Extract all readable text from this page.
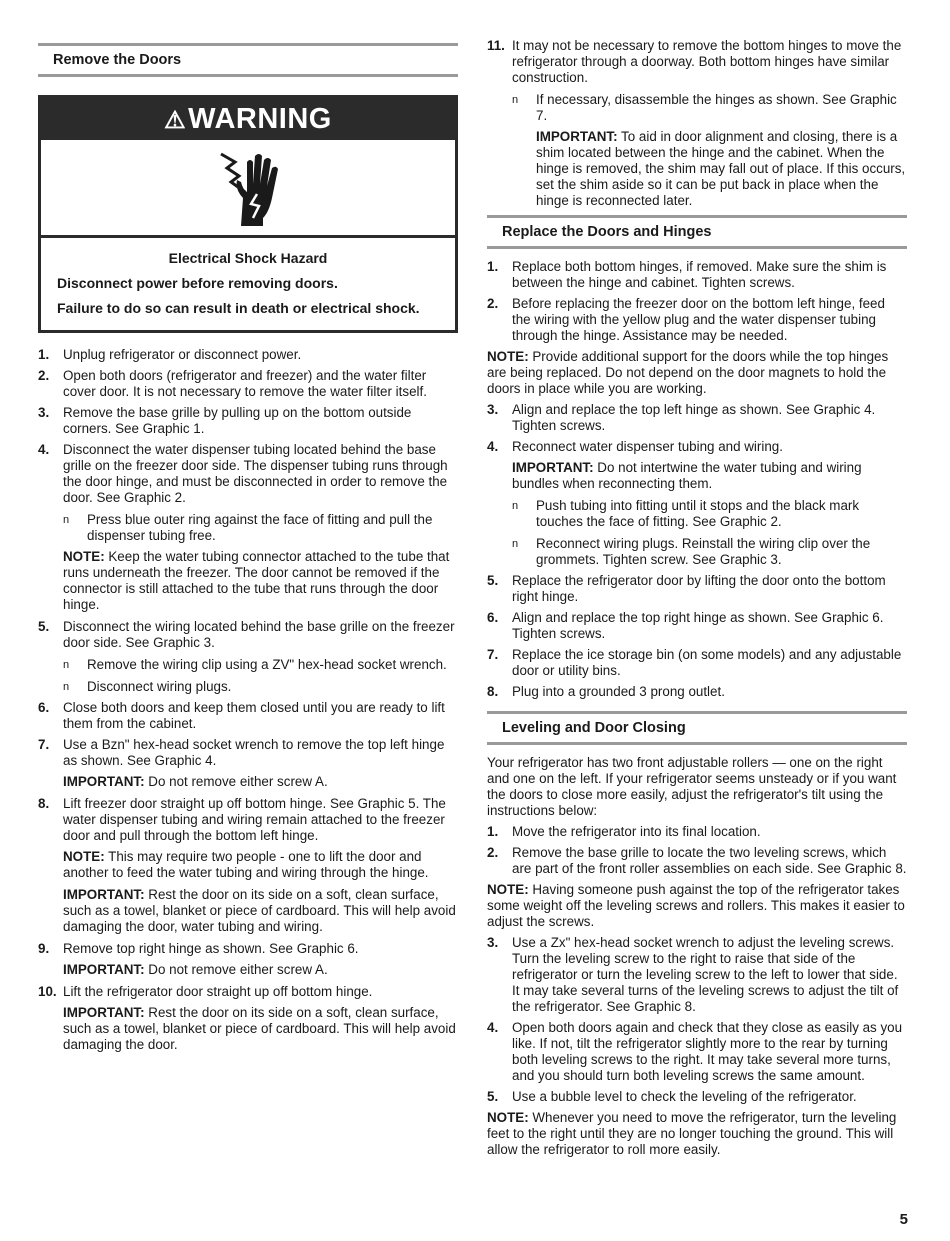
Remove the Doors
⚠WARNING
Electrical Shock Hazard
Disconnect power before removing doors.
Failure to do so can result in death or electrical shock.
1. Unplug refrigerator or disconnect power.
2. Open both doors (refrigerator and freezer) and the water filter cover door. It is not necessary to remove the water filter itself.
3. Remove the base grille by pulling up on the bottom outside corners. See Graphic 1.
4. Disconnect the water dispenser tubing located behind the base grille on the freezer door side. The dispenser tubing runs through the door hinge, and must be disconnected in order to remove the door. See Graphic 2.
n Press blue outer ring against the face of fitting and pull the dispenser tubing free.
NOTE: Keep the water tubing connector attached to the tube that runs underneath the freezer. The door cannot be removed if the connector is still attached to the tube that runs through the door hinge.
5. Disconnect the wiring located behind the base grille on the freezer door side. See Graphic 3.
n Remove the wiring clip using a ZV" hex-head socket wrench.
n Disconnect wiring plugs.
6. Close both doors and keep them closed until you are ready to lift them from the cabinet.
7. Use a Bzn" hex-head socket wrench to remove the top left hinge as shown. See Graphic 4.
IMPORTANT: Do not remove either screw A.
8. Lift freezer door straight up off bottom hinge. See Graphic 5. The water dispenser tubing and wiring remain attached to the freezer door and pull through the bottom left hinge.
NOTE: This may require two people - one to lift the door and another to feed the water tubing and wiring through the hinge.
IMPORTANT: Rest the door on its side on a soft, clean surface, such as a towel, blanket or piece of cardboard. This will help avoid damaging the door, water tubing and wiring.
9. Remove top right hinge as shown. See Graphic 6.
IMPORTANT: Do not remove either screw A.
10. Lift the refrigerator door straight up off bottom hinge.
IMPORTANT: Rest the door on its side on a soft, clean surface, such as a towel, blanket or piece of cardboard. This will help avoid damaging the door.
11. It may not be necessary to remove the bottom hinges to move the refrigerator through a doorway. Both bottom hinges have similar construction.
n If necessary, disassemble the hinges as shown. See Graphic 7.
IMPORTANT: To aid in door alignment and closing, there is a shim located between the hinge and the cabinet. When the hinge is removed, the shim may fall out of place. If this occurs, set the shim aside so it can be put back in place when the hinge is reconnected later.
Replace the Doors and Hinges
1. Replace both bottom hinges, if removed. Make sure the shim is between the hinge and cabinet. Tighten screws.
2. Before replacing the freezer door on the bottom left hinge, feed the wiring with the yellow plug and the water dispenser tubing through the hinge. Assistance may be needed.
NOTE: Provide additional support for the doors while the top hinges are being replaced. Do not depend on the door magnets to hold the doors in place while you are working.
3. Align and replace the top left hinge as shown. See Graphic 4. Tighten screws.
4. Reconnect water dispenser tubing and wiring.
IMPORTANT: Do not intertwine the water tubing and wiring bundles when reconnecting them.
n Push tubing into fitting until it stops and the black mark touches the face of fitting. See Graphic 2.
n Reconnect wiring plugs. Reinstall the wiring clip over the grommets. Tighten screw. See Graphic 3.
5. Replace the refrigerator door by lifting the door onto the bottom right hinge.
6. Align and replace the top right hinge as shown. See Graphic 6. Tighten screws.
7. Replace the ice storage bin (on some models) and any adjustable door or utility bins.
8. Plug into a grounded 3 prong outlet.
Leveling and Door Closing
Your refrigerator has two front adjustable rollers — one on the right and one on the left. If your refrigerator seems unsteady or if you want the doors to close more easily, adjust the refrigerator's tilt using the instructions below:
1. Move the refrigerator into its final location.
2. Remove the base grille to locate the two leveling screws, which are part of the front roller assemblies on each side. See Graphic 8.
NOTE: Having someone push against the top of the refrigerator takes some weight off the leveling screws and rollers. This makes it easier to adjust the screws.
3. Use a Zx" hex-head socket wrench to adjust the leveling screws. Turn the leveling screw to the right to raise that side of the refrigerator or turn the leveling screw to the left to lower that side. It may take several turns of the leveling screws to adjust the tilt of the refrigerator. See Graphic 8.
4. Open both doors again and check that they close as easily as you like. If not, tilt the refrigerator slightly more to the rear by turning both leveling screws to the right. It may take several more turns, and you should turn both leveling screws the same amount.
5. Use a bubble level to check the leveling of the refrigerator.
NOTE: Whenever you need to move the refrigerator, turn the leveling feet to the right until they are no longer touching the ground. This will allow the refrigerator to roll more easily.
5
